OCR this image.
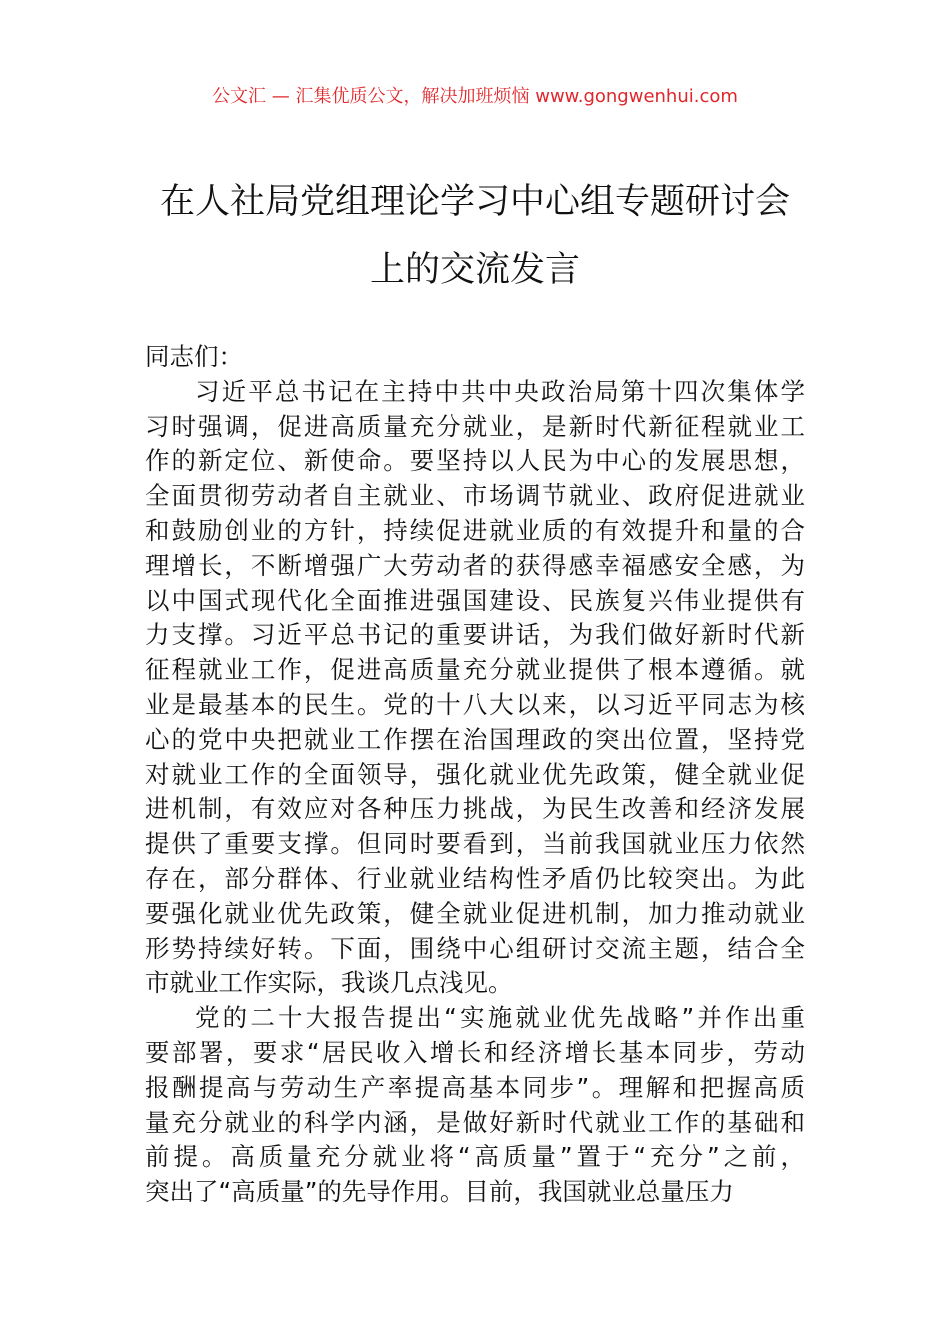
公文汇 — 汇集优质公文，解决加班烦恼 www.gongwenhui.com
在人社局党组理论学习中心组专题研讨会
上的交流发言
同志们：
习近平总书记在主持中共中央政治局第十四次集体学
习时强调，促进高质量充分就业，是新时代新征程就业工
作的新定位、新使命。要坚持以人民为中心的发展思想，
全面贯彻劳动者自主就业、市场调节就业、政府促进就业
和鼓励创业的方针，持续促进就业质的有效提升和量的合
理增长，不断增强广大劳动者的获得感幸福感安全感，为
以中国式现代化全面推进强国建设、民族复兴伟业提供有
力支撑。习近平总书记的重要讲话，为我们做好新时代新
征程就业工作，促进高质量充分就业提供了根本遵循。就
业是最基本的民生。党的十八大以来，以习近平同志为核
心的党中央把就业工作摆在治国理政的突出位置，坚持党
对就业工作的全面领导，强化就业优先政策，健全就业促
进机制，有效应对各种压力挑战，为民生改善和经济发展
提供了重要支撑。但同时要看到，当前我国就业压力依然
存在，部分群体、行业就业结构性矛盾仍比较突出。为此
要强化就业优先政策，健全就业促进机制，加力推动就业
形势持续好转。下面，围绕中心组研讨交流主题，结合全
市就业工作实际，我谈几点浅见。
党的二十大报告提出“实施就业优先战略”并作出重
要部署，要求“居民收入增长和经济增长基本同步，劳动
报酬提高与劳动生产率提高基本同步”。理解和把握高质
量充分就业的科学内涵，是做好新时代就业工作的基础和
前提。高质量充分就业将“高质量”置于“充分”之前，
突出了“高质量”的先导作用。目前，我国就业总量压力
